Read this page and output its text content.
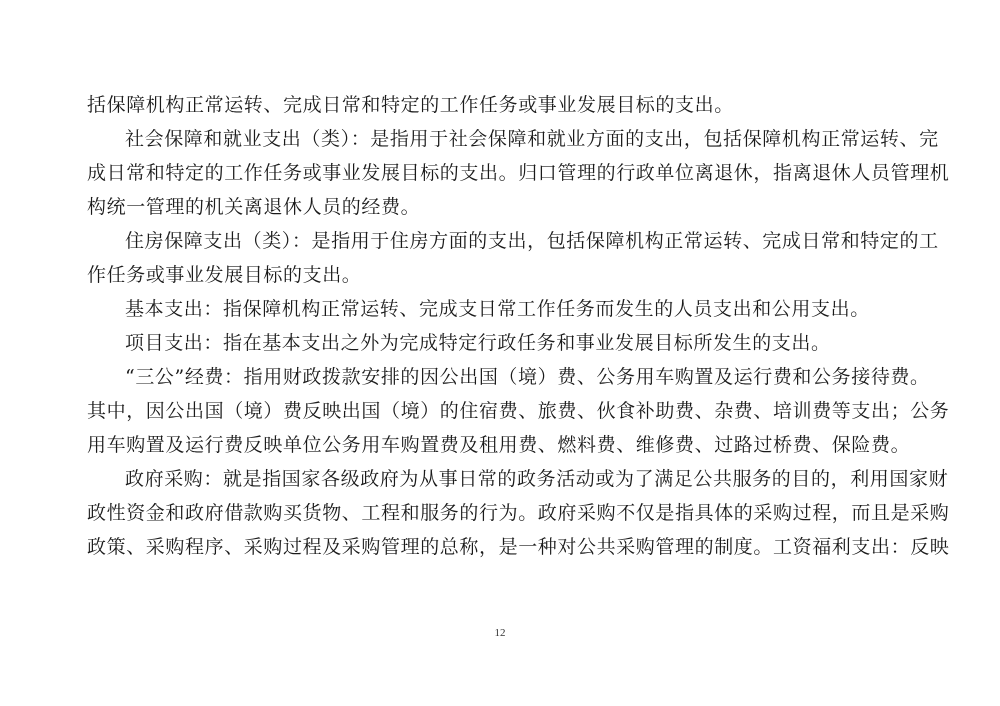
括保障机构正常运转、完成日常和特定的工作任务或事业发展目标的支出。
社会保障和就业支出（类）：是指用于社会保障和就业方面的支出，包括保障机构正常运转、完
成日常和特定的工作任务或事业发展目标的支出。归口管理的行政单位离退休，指离退休人员管理机
构统一管理的机关离退休人员的经费。
住房保障支出（类）：是指用于住房方面的支出，包括保障机构正常运转、完成日常和特定的工
作任务或事业发展目标的支出。
基本支出：指保障机构正常运转、完成支日常工作任务而发生的人员支出和公用支出。
项目支出：指在基本支出之外为完成特定行政任务和事业发展目标所发生的支出。
“三公”经费：指用财政拨款安排的因公出国（境）费、公务用车购置及运行费和公务接待费。
其中，因公出国（境）费反映出国（境）的住宿费、旅费、伙食补助费、杂费、培训费等支出；公务
用车购置及运行费反映单位公务用车购置费及租用费、燃料费、维修费、过路过桥费、保险费。
政府采购：就是指国家各级政府为从事日常的政务活动或为了满足公共服务的目的，利用国家财
政性资金和政府借款购买货物、工程和服务的行为。政府采购不仅是指具体的采购过程，而且是采购
政策、采购程序、采购过程及采购管理的总称，是一种对公共采购管理的制度。工资福利支出：反映
12
